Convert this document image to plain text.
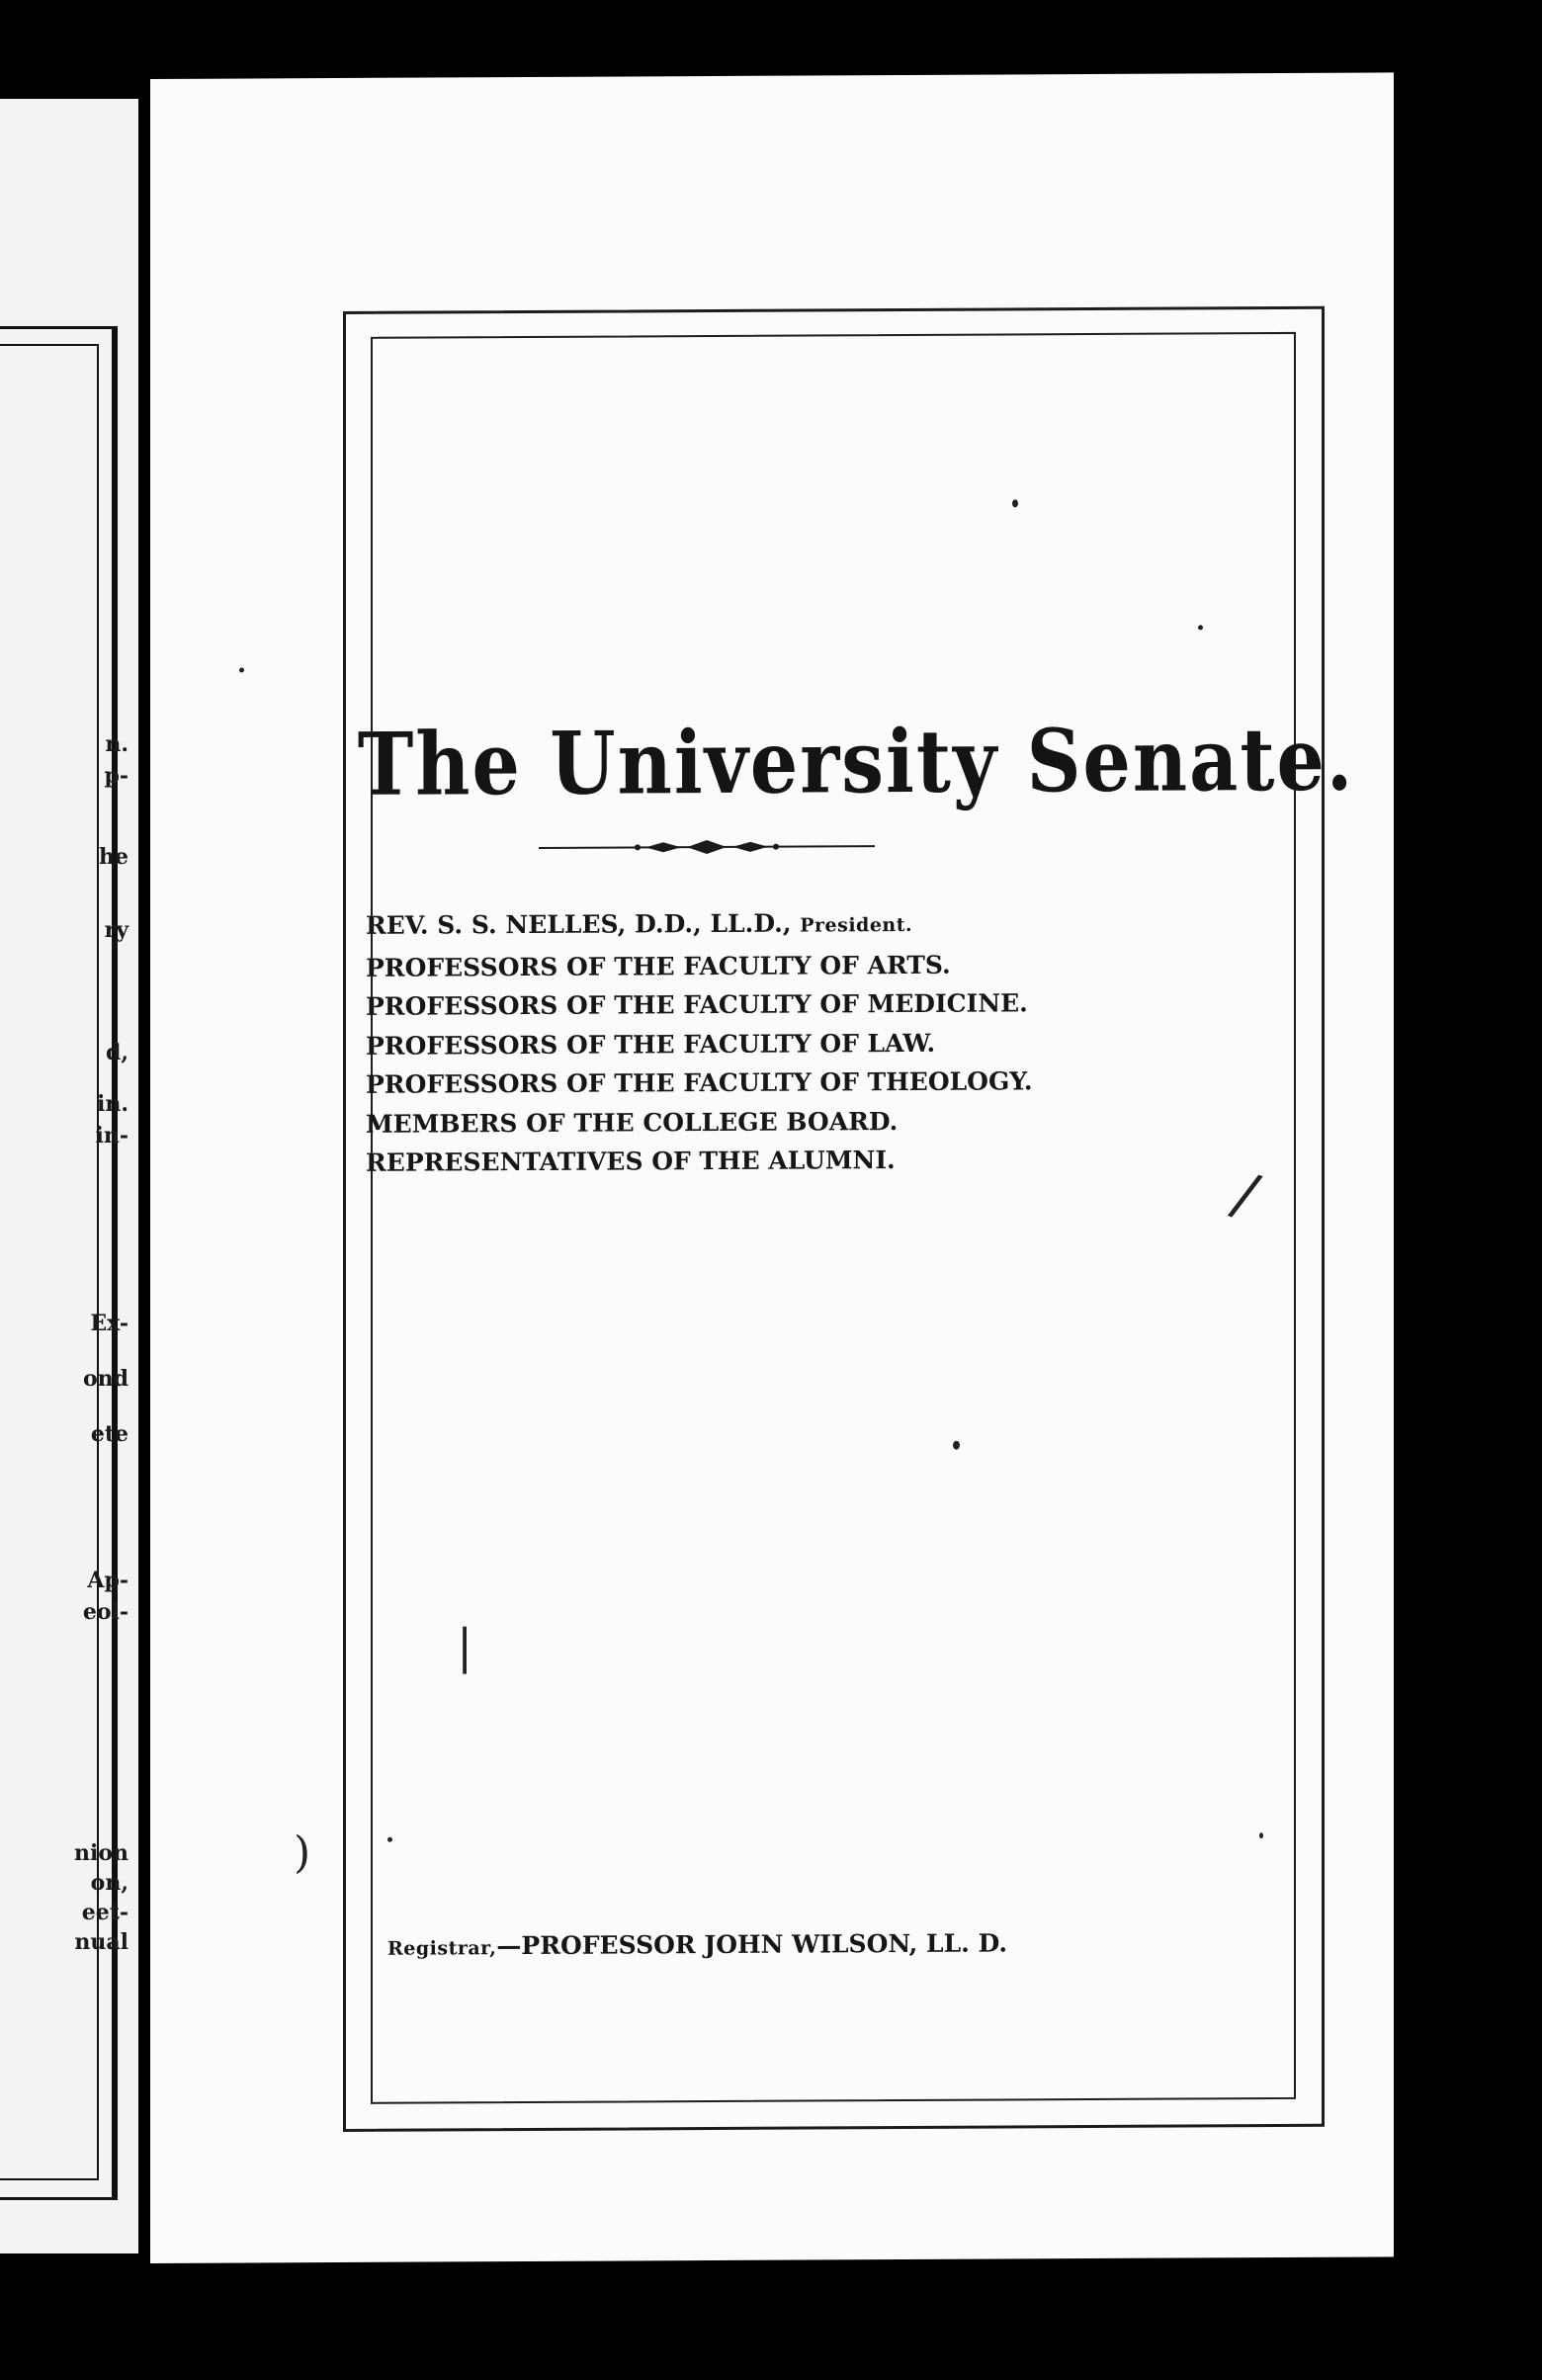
n.
p-
he
ry
d,
in.
in-
Ex-
ond
ete
Ap-
eol-
nion
on,
eet-
nual
The University Senate.
REV. S. S. NELLES, D.D., LL.D., President.
PROFESSORS OF THE FACULTY OF ARTS.
PROFESSORS OF THE FACULTY OF MEDICINE.
PROFESSORS OF THE FACULTY OF LAW.
PROFESSORS OF THE FACULTY OF THEOLOGY.
MEMBERS OF THE COLLEGE BOARD.
REPRESENTATIVES OF THE ALUMNI.
Registrar,—PROFESSOR JOHN WILSON, LL. D.
/
|
)
